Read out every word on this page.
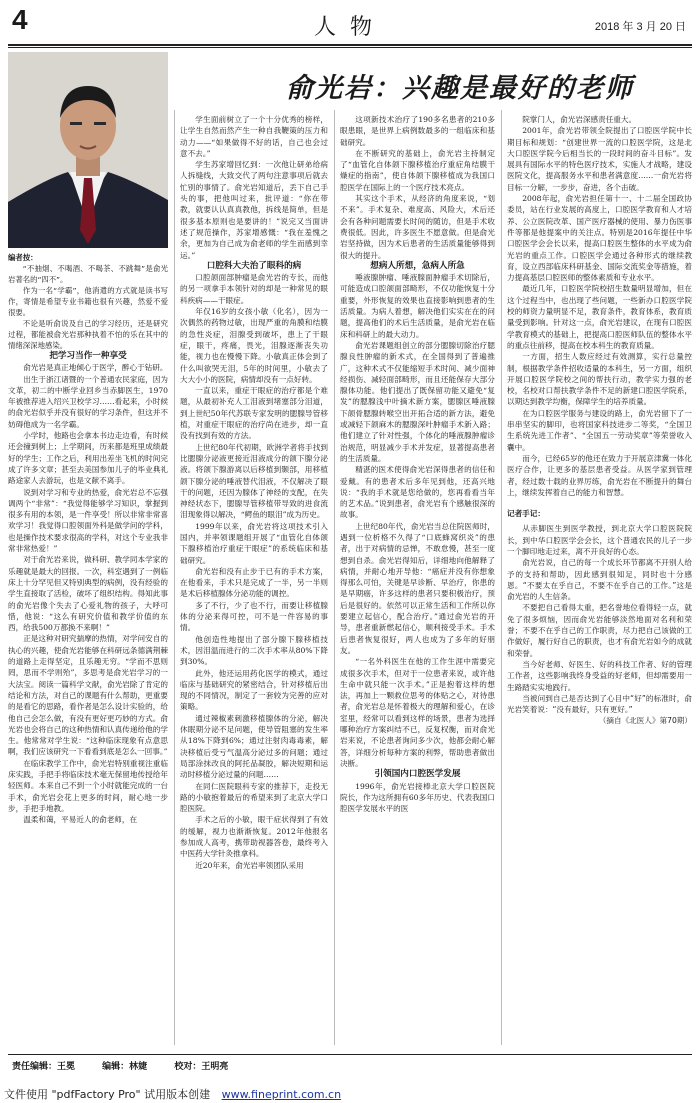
4	人物	2018 年 3 月 20 日
俞光岩：兴趣是最好的老师
编者按：

“不抽烟、不喝酒、不喝茶、不跳舞”是俞光岩著名的“四不”。

作为一名“学霸”，他消遣的方式就是读书写作，寄情是希望专业书籍也很有兴趣，然爱不爱很要。

不论是听俞说及自己的学习经历，还是研究过程，都能被俞光岩那种执着不怕的乐在其中的情绪深深地感染。

把学习当作一种享受

俞光岩是真正地倾心于医学，醉心于钻研。

出生于浙江诸暨的一个普通农民家庭，因为文革，初二的中断学业回乡当赤脚医生，1970年被推荐进入绍兴卫校学习……看起来，小时候的俞光岩似乎并没有很好的学习条件，但这并不妨碍他成为一名学霸。

小学时，他路也会拿本书边走边看，有时候还会撞到树上；上学期间，历来都是班里成绩最好的学生；工作之后，利用出差坐飞机的时间完成了许多文章；甚至去美国参加儿子的毕业典礼路途家人去游玩，也是文献不离手。

说到对学习和专业的热爱，俞光岩总不忘强调两个“非常”：“我觉得能够学习知识，掌握到很多有用的本领，是一件享受！所以非常非常喜欢学习！我觉得口腔领面外科是做学问的学科，也是操作技术要求很高的学科，对这个专业我非常非常热爱！”

对于俞光岩来说，做科研、教学同本学家的乐趣就是最大的回报。一次，科室遇到了一例临床上十分罕见但又特别典型的病例，没有经验的学生直接取了活检，破坏了组织结构。得知此事的俞光岩像个失去了心爱礼物的孩子，大呼可惜，他说：“这么有研究价值和教学价值的东西，给我500万都换不来啊！”

正是这种对研究揣摩的热情，对学问安自的执心的兴趣，使俞光岩能够在科研远条德满荆棘的道路上走得坚定，且乐趣无穷。“学而不思则罔，思而不学则殆”，多思考是俞光岩学习的一大法宝。阅读一篇科学文献，俞光岩除了肯定的结论和方法，对自己的课题有什么帮助，更重要的是看它的思路，看作者是怎么设计实验的，给他自己会怎么做，有没有更好更巧妙的方式。俞光岩也会将自己的这种热情和认真传递给他的学生。他常常对学生说：“这种临床现象有点意思啊，我们应该研究一下看看到底是怎么一回事。”

在临床教学工作中，俞光岩特别重视注重临床实践，手把手将临床技术毫无保留地传授给年轻医师。本来自己不到一个小时就能完成的一台手术，俞光岩会花上更多的时间，耐心地一步步，手把手地教。

温柔和蔼，平易近人的俞老师，在

学生面前树立了一个十分优秀的榜样，让学生自然而然产生一种自我鞭策的压力和动力——“如果做得不好的话，自己也会过意不去。”

学生苏家增回忆到：一次他让研弟给病人拆缝线，大致交代了两句注意事项后就去忙别的事情了。俞光岩知道后，丢下自己手头的事，把他叫过来，批评道：“你在带教，就要认认真真教他，拆线是简单，但是很多基本原则也是要讲的！”说完又当面讲述了规范操作，苏家增感慨：“我在羞愧之余，更加为自己成为俞老师的学生而感到幸运。”

口腔科大夫治了眼科的病

口腔颌面部肿瘤是俞光岩的专长，而他的另一项拿手本领针对的却是一种常见的眼科疾病——干眼症。

年仅16岁的女孩小敏（化名），因为一次偶然的药物过敏，出现严重的角膜和结膜的急性炎症，泪腺受到破坏，患上了干眼症，眼干，疼痛，畏光，泪腺逐渐丧失功能，视力也在慢慢下降。小敏真正体会到了什么叫欲哭无泪，5年的时间里，小敏去了大大小小的医院，病情却没有一点好转。

一直以来，重症干眼症的治疗都是个难题，从最初补充人工泪液到堵塞部分泪道，到上世纪50年代苏联专家发明的腮腺导管移植，对重症干眼症的治疗尚在进步，却一直没有找到有效的方法。

上世纪80年代初期，欧洲学者将手找到比腮腺分泌液更接近泪液成分的颌下腺分泌液。将颌下腺游离以后移植到颞部，用移植颌下腺分泌的唾液替代泪液，不仅解决了眼干的问题，还因为腺体了神经的支配，在失神经状态下，腮腺导管移植带导致的进食流泪现象得以解决，“鳄鱼的眼泪”成为历史。

1999年以来，俞光岩将这项技术引入国内，并率领课题组开展了“血管化自体颌下腺移植治疗重症干眼症”的系统临床和基础研究。

俞光岩和没有止步于已有的手术方案，在他看来，手术只是完成了一半，另一半则是术后移植腺体分泌功能的调控。

多了不行，少了也不行，而要让移植腺体的分泌来得可控，可不是一件容易的事情。

他创造性地提出了部分腺下腺移植技术，因泪温而进行的二次手术率从80%下降到30%。

此外，他还运用药化医学的模式，通过临床与基础研究的紧密结合，针对移植后出现的不同情况，制定了一套较为完善的应对策略。

通过辣椒素刺激移植腺体的分泌，解决休眠期分泌不足问题，使导管阻塞的发生率从18%下降到6%；通过注射肉毒毒素，解决移植后受亏气温高分泌过多的问题；通过局部涂抹改良的阿托品凝胶，解决短期和运动时移植分泌过量的问题……

在同仁医院眼科专家的推荐下，走投无路的小敏抱着最后的希望来到了北京大学口腔医院。

手术之后的小敏，眼干症状得到了有效的缓解，视力也渐渐恢复。2012年他报名参加成人高考，携带助视器答卷，最终考入中医药大学针灸推拿科。

近20年来，俞光岩率领团队采用

这项新技术治疗了190多名患者的210多眼患眼，是世界上病例数最多的一组临床和基础研究。

在不断研究的基础上，俞光岩主持制定了“血管化自体颌下腺移植治疗重症角结膜干燥症的指南”，使自体颌下腺移植成为我国口腔医学在国际上的一个医疗技术亮点。

其实这个手术，从经济的角度来说，“划不来”。手术复杂、难度高、风险大，术后还会有各种问题需要长时间的随访，但是手术收费很低。因此，许多医生不愿意做。但是俞光岩坚持做，因为术后患者的生活质量能够得到很大的提升。

想病人所想，急病人所急

唾液腺肿瘤、唾液腺面肿瘤手术切除后，可能造成口腔颌面部畸形，不仅功能恢复十分重要，外形恢复的效果也直接影响到患者的生活质量。为病人着想，解决他们实实在在的问题，提高他们的术后生活质量，是俞光岩在临床和科研上的最大动力。

俞光岩课题组创立的部分腮腺切除治疗腮腺良性肿瘤的新术式，在全国得到了普遍推广，这种术式不仅能缩短手术时间、减少面神经损伤、减轻面部畸形，而且还能保存大部分腺体功能。他们提出了既保留功能又避免“复发”的腮腺浅中叶摘术新方案，腮腺区唾液腺下颌骨腮腺转喉空出开拓合适的新方法，避免或减轻下颌麻木的腮腺深叶肿瘤手术新入路；他们建立了针对性强，个体化的唾液腺肿瘤诊治规范，明显减少手术并发症，显著提高患者的生活质量。

精湛的医术使得俞光岩深得患者的信任和爱戴。有的患者术后多年见到他，还高兴地说：“我的手术就是您给做的，您再看看当年的艺术品。”说到患者，俞光岩有个感触很深的故事。

上世纪80年代，俞光岩当总住院医师时，遇到一位析格不久得了“口底蜂窝织炎”的患者，出于对病情的忌惮，不敢怠慢，甚至一度想到自杀。俞光岩得知后，详细地向他解释了病情，并耐心地开导他：“癌症并没有你想象得那么可怕，关键是早诊断、早治疗，你患的是早期癌，许多这样的患者只要积极治疗，预后是很好的。依然可以正常生活和工作所以你要建立起信心，配合治疗。”通过俞光岩的开导，患者重新燃起信心，顺利接受手术。手术后患者恢复很好，两人也成为了多年的好朋友。

“一名外科医生在他的工作生涯中需要完成很多次手术，但对于一位患者来说，或许他生命中就只能一次手术。”正是抱着这样的想法，再加上一颗救位思考的体贴之心，对待患者，俞光岩总是怀着极大的理解和爱心，在诊室里，经常可以看到这样的场景，患者为选择哪种治疗方案纠结不已，反复权衡，而对俞光岩来说，不论患者询问多少次，他都会耐心解答，详细分析每种方案的利弊，帮助患者做出决断。

引领国内口腔医学发展

1996年，俞光岩接棒北京大学口腔医院院长，作为这所拥有60多年历史、代表我国口腔医学发展水平的医

院掌门人，俞光岩深感责任重大。

2001年，俞光岩带领全院提出了口腔医学院中长期目标和规划：“创建世界一流的口腔医学院，这是北大口腔医学院今后相当长的一段时间的奋斗目标”。发展具有国际水平的特色医疗技术，实施人才战略，建设医院文化，提高服务水平和患者满意度……一俞光岩将目标一分解，一步步，奋进，各个击破。

2008年起，俞光岩担任第十一、十二届全国政协委员，站在行业发展的高度上，口腔医学教育和人才培养、公立医院改革、国产医疗器械的使用、暴力伤医事件等都是他提案中的关注点。特别是2016年提任中华口腔医学会会长以来，提高口腔医生整体的水平成为俞光岩的重点工作。口腔医学会通过各种形式的继续教育，设立西部临床科研基金、国际交流奖金等措施，着力提高基层口腔医师的整体素质和专业水平。

最近几年，口腔医学院校招生数量明显增加，但在这个过程当中，也出现了些问题，一些新办口腔医学院校的师资力量明显不足，教育条件，教育体系，教育质量受到影响。针对这一点，俞光岩建议，在现有口腔医学教育模式的基础上，把提高口腔医师队伍的整体水平的重点往前移，提高在校本科生的教育质量。

一方面，招生人数应经过有效测算，实行总量控制，根据教学条件招收适量的本科生，另一方面，组织开展口腔医学院校之间的帮扶行动，教学实力强的老校，名校对口帮扶教学条件不足的新建口腔医学院系，以期达到教学均衡，保障学生的培养质量。

在为口腔医学服务与建设的路上，俞光岩留下了一串串坚实的脚印，也将国家科技进步二等奖，“全国卫生系统先进工作者”、“全国五一劳动奖章”等荣誉收入囊中。

而今，已经65岁的他还在致力于开展京津冀一体化医疗合作，让更多的基层患者受益。从医学家到管理者，经过数十载的业界厉练，俞光岩在不断提升的舞台上，继续发挥着自己的能力和智慧。

记者手记：

从赤脚医生到医学教授，到北京大学口腔医院院长，到中华口腔医学会会长，这个普通农民的儿子一步一个脚印地走过来，离不开良好的心态。

俞光岩说，自己的每一个成长环节都离不开别人给予的支持和帮助，因此感到很知足，同时也十分感恩。“不要太在乎自己，不要不在乎自己的工作。”这是俞光岩的人生信条。

不要把自己看得太重，把名誉地位看得轻一点，就免了很多烦恼，因而俞光岩能够淡然地面对名利和荣誉；不要不在乎自己的工作职责，尽力把自己该做的工作做好，履行好自己的职责，也才有俞光岩如今的成就和荣誉。

当今好老师、好医生、好的科技工作者、好的管理工作者，这些影响我终身受益的好老师，但却需要用一生路踏实实地践行。

当被问到自己是否达到了心目中“好”的标准时，俞光岩笑着说：“没有最好，只有更好。”

（摘自《北医人》第70期）

责任编辑：王冕	编辑：林婕	校对：王明亮
文件使用 "pdfFactory Pro" 试用版本创建 www.fineprint.com.cn
